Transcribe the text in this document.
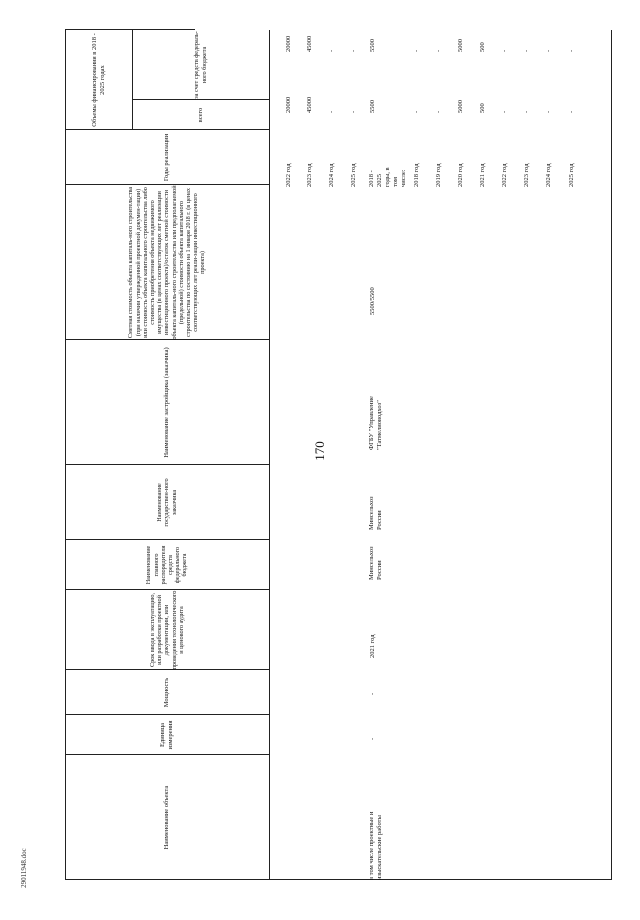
170
29011948.doc
Наименование объекта
Единица измерения
Мощность
Срок ввода в эксплуатацию, или разработки проектной документации, или проведения технологического и ценового аудита
Наименование главного распорядителя средств федерального бюджета
Наименование государствен-ного заказчика
Наименование застройщика (заказчика)
Сметная стоимость объекта капиталь-ного строительства (при наличии утвержденной проектной докумен-тации) или стоимость объекта капитального строительства либо стоимость приобретения объекта недвижимого имущества (в ценах соответствующих лет реализации инвестиционного проекта)/остаток сметной стоимости объекта капиталь-ного строительства или предполагаемой (предельной) стоимости объекта капитального строительства по состоянию на 1 января 2018 г. (в ценах соответствующих лет реали-зации инвестиционного проекта)
Годы реализации
Объемы финансирования в 2018 - 2025 годах
всего
за счет средств федераль-ного бюджета
2022 год
20000
20000
2023 год
45000
45000
2024 год
-
-
2025 год
-
-
в том числе проектные и изыскательские работы
-
-
2021 год
Минсельхоз России
Минсельхоз России
ФГБУ "Управление "Татмелиоводхоз"
5500/5500
2018 - 2025 годы, в том числе:
5500
5500
2018 год
-
-
2019 год
-
-
2020 год
5000
5000
2021 год
500
500
2022 год
-
-
2023 год
-
-
2024 год
-
-
2025 год
-
-
